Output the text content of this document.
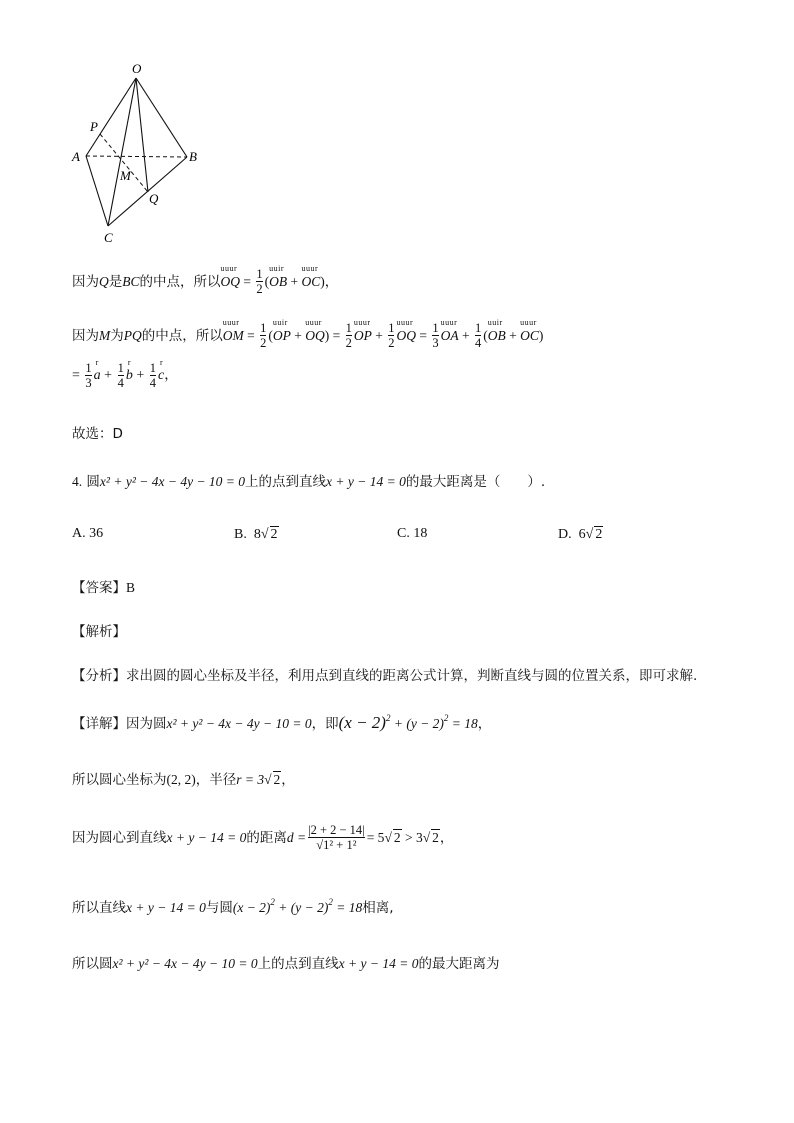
O
P
A	B
M
Q
C
因为Q是BC的中点，所以uuur OQ = $\frac{1}{2}$ (uuir OB + uuur OC)，
因为M为PQ的中点，所以uuur OM = $\frac{1}{2}$ (uuir OP + uuur $OQ) = \frac{1}{2}$ uuur OP + $\frac{1}{2}$ uuur OQ = $\frac{1}{3}$ uuur OA + $\frac{1}{4}$ (uuir OB + uuur OC)
= $\frac{1}{3}$ r $a + \frac{1}{4}$ r $b + \frac{1}{4}$ r c，
故选：D
4. 圆x² + y² − 4x − 4y − 10 = 0上的点到直线x + y − 14 = 0的最大距离是（　　）.
A. 36	B. 8√ 2	C. 18	D. 6√ 2
【答案】B
【解析】
【分析】求出圆的圆心坐标及半径，利用点到直线的距离公式计算，判断直线与圆的位置关系，即可求解.
【详解】因为圆x² + y² − 4x − 4y − 10 = 0，即$(x - 2)^2 + (y - 2)^2 = 18$，
所以圆心坐标为(2, 2)，半径r = 3√ 2，
因为圆心到直线x + y − 14 = 0的距离$d = \frac{|2 + 2 - 14|}{\text{√1² + 1²}} = 5√$ 2 > 3√ 2，
所以直线x + y − 14 = 0与圆$(x - 2)^2 + (y - 2)^2 = 18$相离,
所以圆x² + y² − 4x − 4y − 10 = 0上的点到直线x + y − 14 = 0的最大距离为
